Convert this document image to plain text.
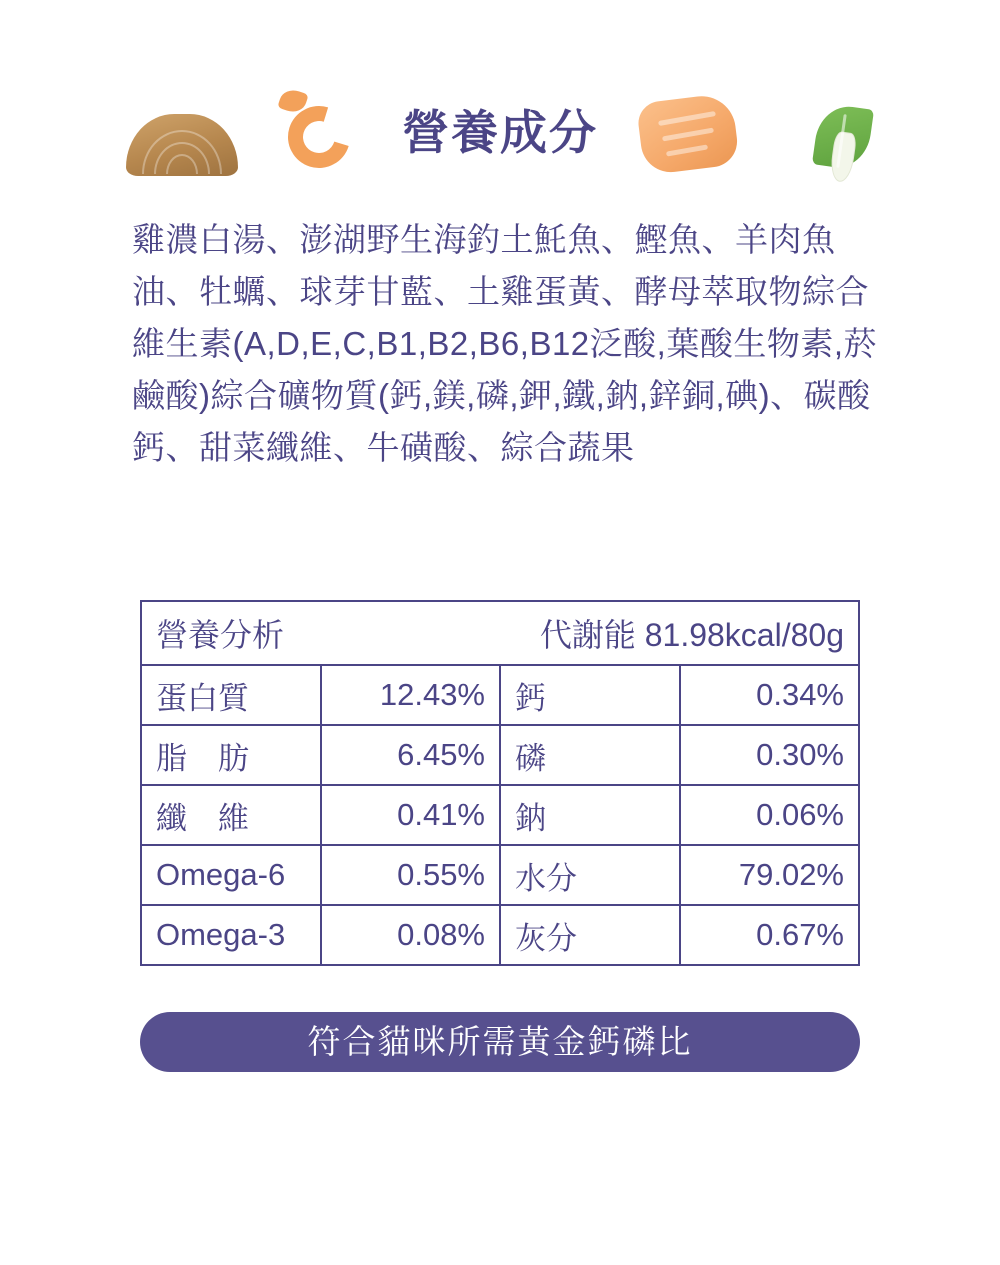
營養成分
雞濃白湯、澎湖野生海釣土魠魚、鰹魚、羊肉魚油、牡蠣、球芽甘藍、土雞蛋黃、酵母萃取物綜合維生素(A,D,E,C,B1,B2,B6,B12泛酸,葉酸生物素,菸鹼酸)綜合礦物質(鈣,鎂,磷,鉀,鐵,鈉,鋅銅,碘)、碳酸鈣、甜菜纖維、牛磺酸、綜合蔬果
營養分析		代謝能 81.98kcal/80g	
蛋白質	12.43%	鈣	0.34%
脂　肪	6.45%	磷	0.30%
纖　維	0.41%	鈉	0.06%
Omega-6	0.55%	水分	79.02%
Omega-3	0.08%	灰分	0.67%
符合貓咪所需黃金鈣磷比
